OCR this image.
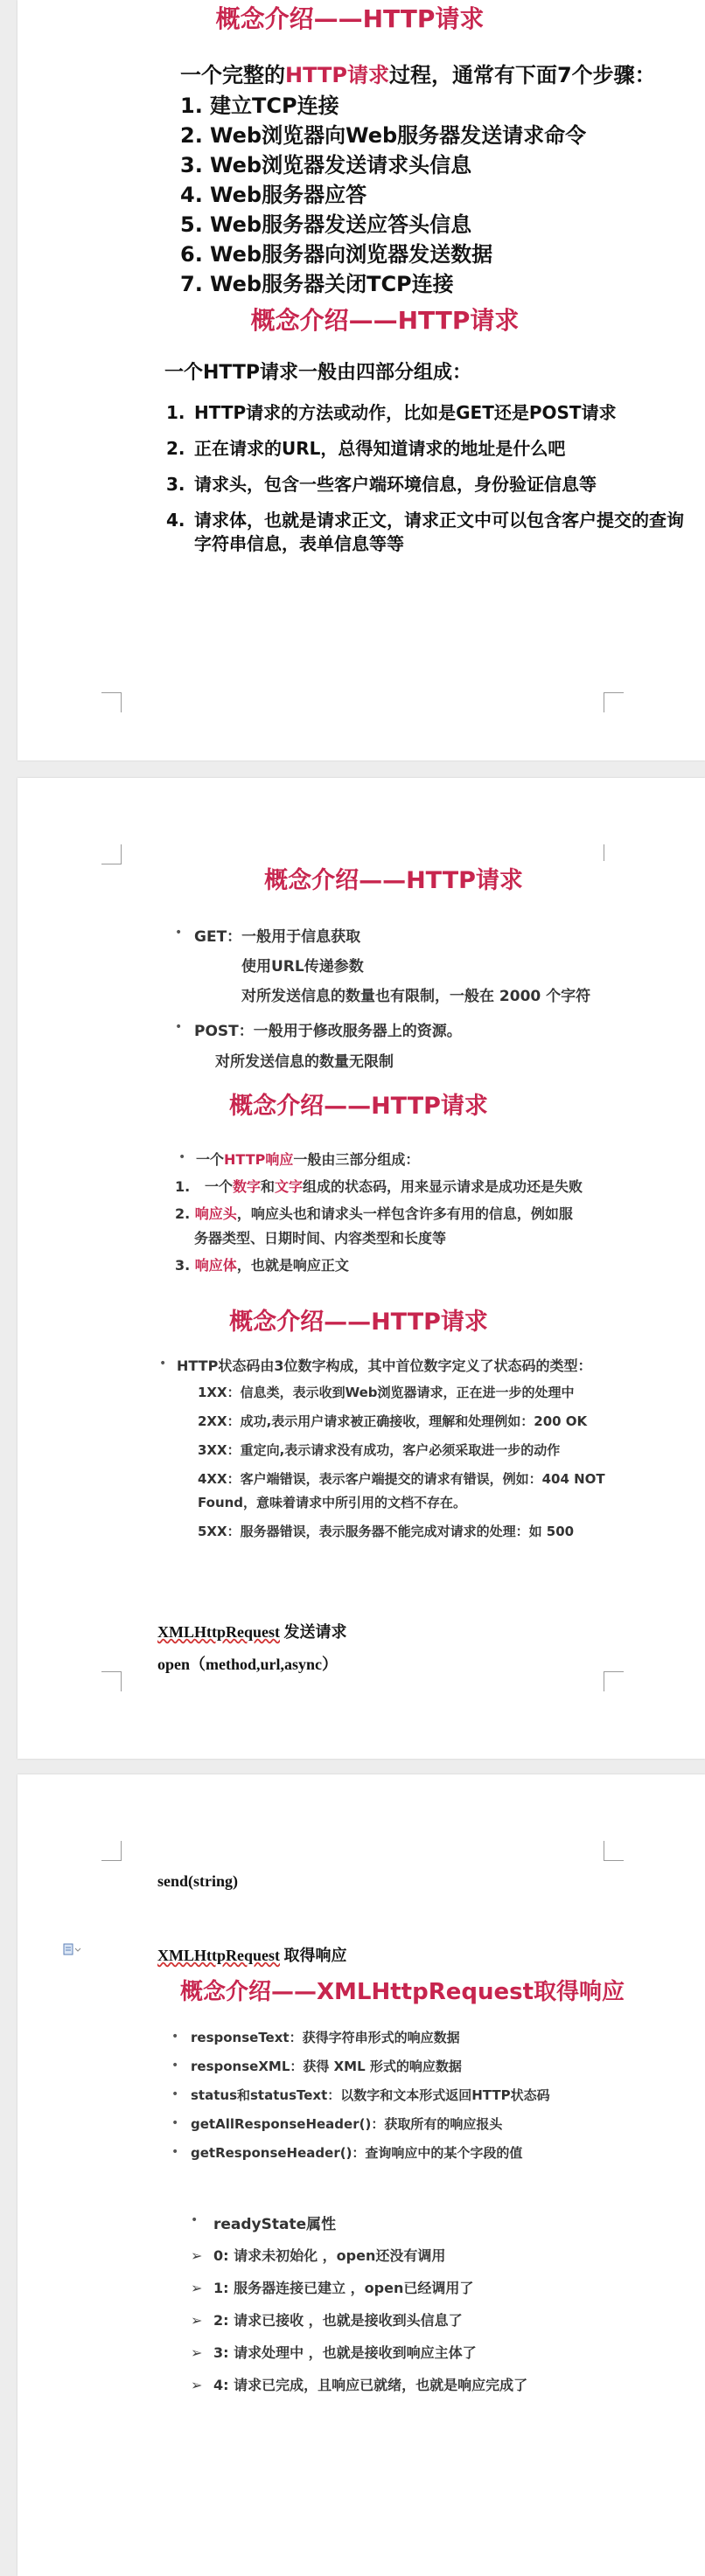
概念介绍——HTTP请求
一个完整的HTTP请求过程，通常有下面7个步骤：
1. 建立TCP连接
2. Web浏览器向Web服务器发送请求命令
3. Web浏览器发送请求头信息
4. Web服务器应答
5. Web服务器发送应答头信息
6. Web服务器向浏览器发送数据
7. Web服务器关闭TCP连接
概念介绍——HTTP请求
一个HTTP请求一般由四部分组成：
1. HTTP请求的方法或动作，比如是GET还是POST请求
2. 正在请求的URL，总得知道请求的地址是什么吧
3. 请求头，包含一些客户端环境信息，身份验证信息等
4. 请求体，也就是请求正文，请求正文中可以包含客户提交的查询字符串信息，表单信息等等
概念介绍——HTTP请求
• GET：一般用于信息获取
使用URL传递参数
对所发送信息的数量也有限制，一般在 2000 个字符
• POST：一般用于修改服务器上的资源。
对所发送信息的数量无限制
概念介绍——HTTP请求
• 一个HTTP响应一般由三部分组成：
1. 一个数字和文字组成的状态码，用来显示请求是成功还是失败
2. 响应头，响应头也和请求头一样包含许多有用的信息，例如服
务器类型、日期时间、内容类型和长度等
3. 响应体，也就是响应正文
概念介绍——HTTP请求
• HTTP状态码由3位数字构成，其中首位数字定义了状态码的类型：
1XX：信息类，表示收到Web浏览器请求，正在进一步的处理中
2XX：成功,表示用户请求被正确接收，理解和处理例如：200 OK
3XX：重定向,表示请求没有成功，客户必须采取进一步的动作
4XX：客户端错误，表示客户端提交的请求有错误，例如：404 NOT
Found，意味着请求中所引用的文档不存在。
5XX：服务器错误，表示服务器不能完成对请求的处理：如 500
XMLHttpRequest 发送请求
open（method,url,async）
send(string)
XMLHttpRequest 取得响应
概念介绍——XMLHttpRequest取得响应
• responseText：获得字符串形式的响应数据
• responseXML：获得 XML 形式的响应数据
• status和statusText：以数字和文本形式返回HTTP状态码
• getAllResponseHeader()：获取所有的响应报头
• getResponseHeader()：查询响应中的某个字段的值
• readyState属性
➢ 0: 请求未初始化 ，open还没有调用
➢ 1: 服务器连接已建立 ，open已经调用了
➢ 2: 请求已接收 ，也就是接收到头信息了
➢ 3: 请求处理中 ，也就是接收到响应主体了
➢ 4: 请求已完成，且响应已就绪，也就是响应完成了
